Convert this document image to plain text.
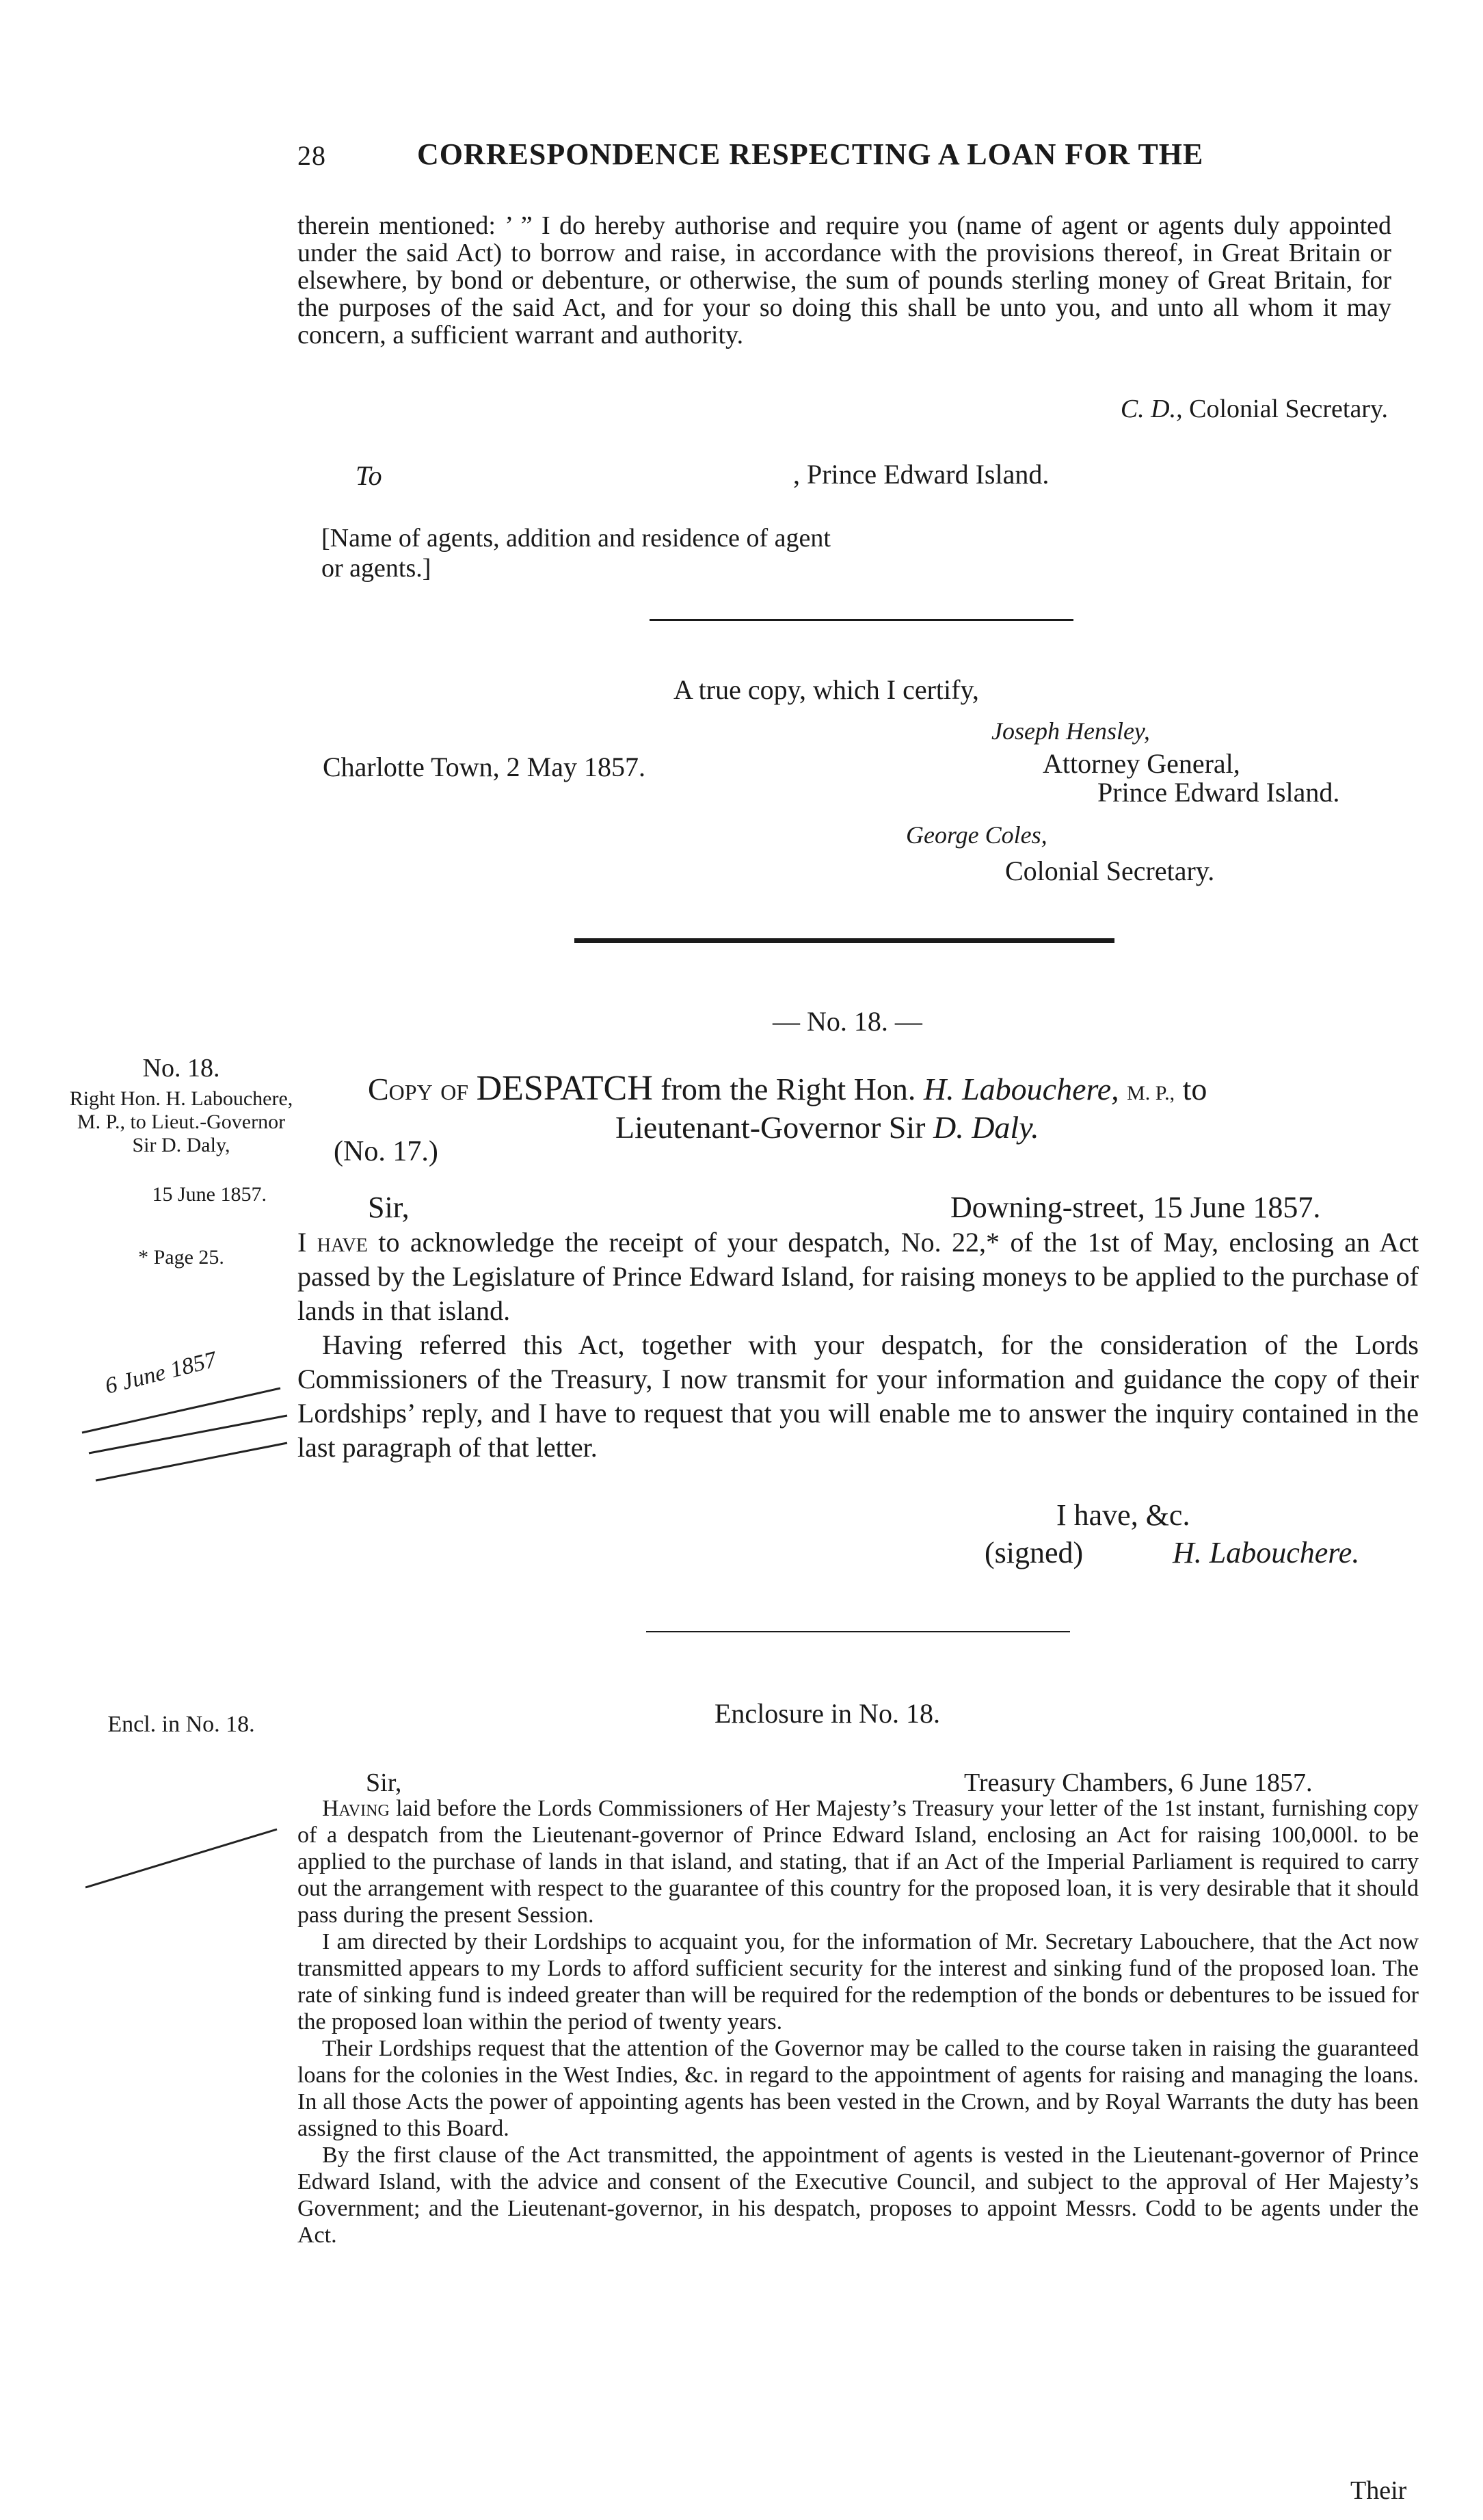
28	CORRESPONDENCE RESPECTING A LOAN FOR THE
therein mentioned: ’ ” I do hereby authorise and require you (name of agent or agents duly appointed under the said Act) to borrow and raise, in accordance with the provisions thereof, in Great Britain or elsewhere, by bond or debenture, or otherwise, the sum of pounds sterling money of Great Britain, for the purposes of the said Act, and for your so doing this shall be unto you, and unto all whom it may concern, a sufficient warrant and authority.
C. D., Colonial Secretary.
To	, Prince Edward Island.
[Name of agents, addition and residence of agent or agents.]
A true copy, which I certify,
Joseph Hensley,
Charlotte Town, 2 May 1857.	Attorney General,
Prince Edward Island.
George Coles,
Colonial Secretary.
— No. 18. —
No. 18.
Right Hon. H. Labouchere, M. P., to Lieut.-Governor Sir D. Daly,
15 June 1857.
* Page 25.
6 June 1857
Copy of DESPATCH from the Right Hon. H. Labouchere, M. P., to
Lieutenant-Governor Sir D. Daly.
(No. 17.)
Sir,	Downing-street, 15 June 1857.

I have to acknowledge the receipt of your despatch, No. 22,* of the 1st of May, enclosing an Act passed by the Legislature of Prince Edward Island, for raising moneys to be applied to the purchase of lands in that island.

Having referred this Act, together with your despatch, for the consideration of the Lords Commissioners of the Treasury, I now transmit for your information and guidance the copy of their Lordships’ reply, and I have to request that you will enable me to answer the inquiry contained in the last paragraph of that letter.

I have, &c.
(signed)	H. Labouchere.
Enclosure in No. 18.
Encl. in No. 18.
Sir,	Treasury Chambers, 6 June 1857.

Having laid before the Lords Commissioners of Her Majesty’s Treasury your letter of the 1st instant, furnishing copy of a despatch from the Lieutenant-governor of Prince Edward Island, enclosing an Act for raising 100,000l. to be applied to the purchase of lands in that island, and stating, that if an Act of the Imperial Parliament is required to carry out the arrangement with respect to the guarantee of this country for the proposed loan, it is very desirable that it should pass during the present Session.

I am directed by their Lordships to acquaint you, for the information of Mr. Secretary Labouchere, that the Act now transmitted appears to my Lords to afford sufficient security for the interest and sinking fund of the proposed loan. The rate of sinking fund is indeed greater than will be required for the redemption of the bonds or debentures to be issued for the proposed loan within the period of twenty years.

Their Lordships request that the attention of the Governor may be called to the course taken in raising the guaranteed loans for the colonies in the West Indies, &c. in regard to the appointment of agents for raising and managing the loans. In all those Acts the power of appointing agents has been vested in the Crown, and by Royal Warrants the duty has been assigned to this Board.

By the first clause of the Act transmitted, the appointment of agents is vested in the Lieutenant-governor of Prince Edward Island, with the advice and consent of the Executive Council, and subject to the approval of Her Majesty’s Government; and the Lieutenant-governor, in his despatch, proposes to appoint Messrs. Codd to be agents under the Act.

Their
